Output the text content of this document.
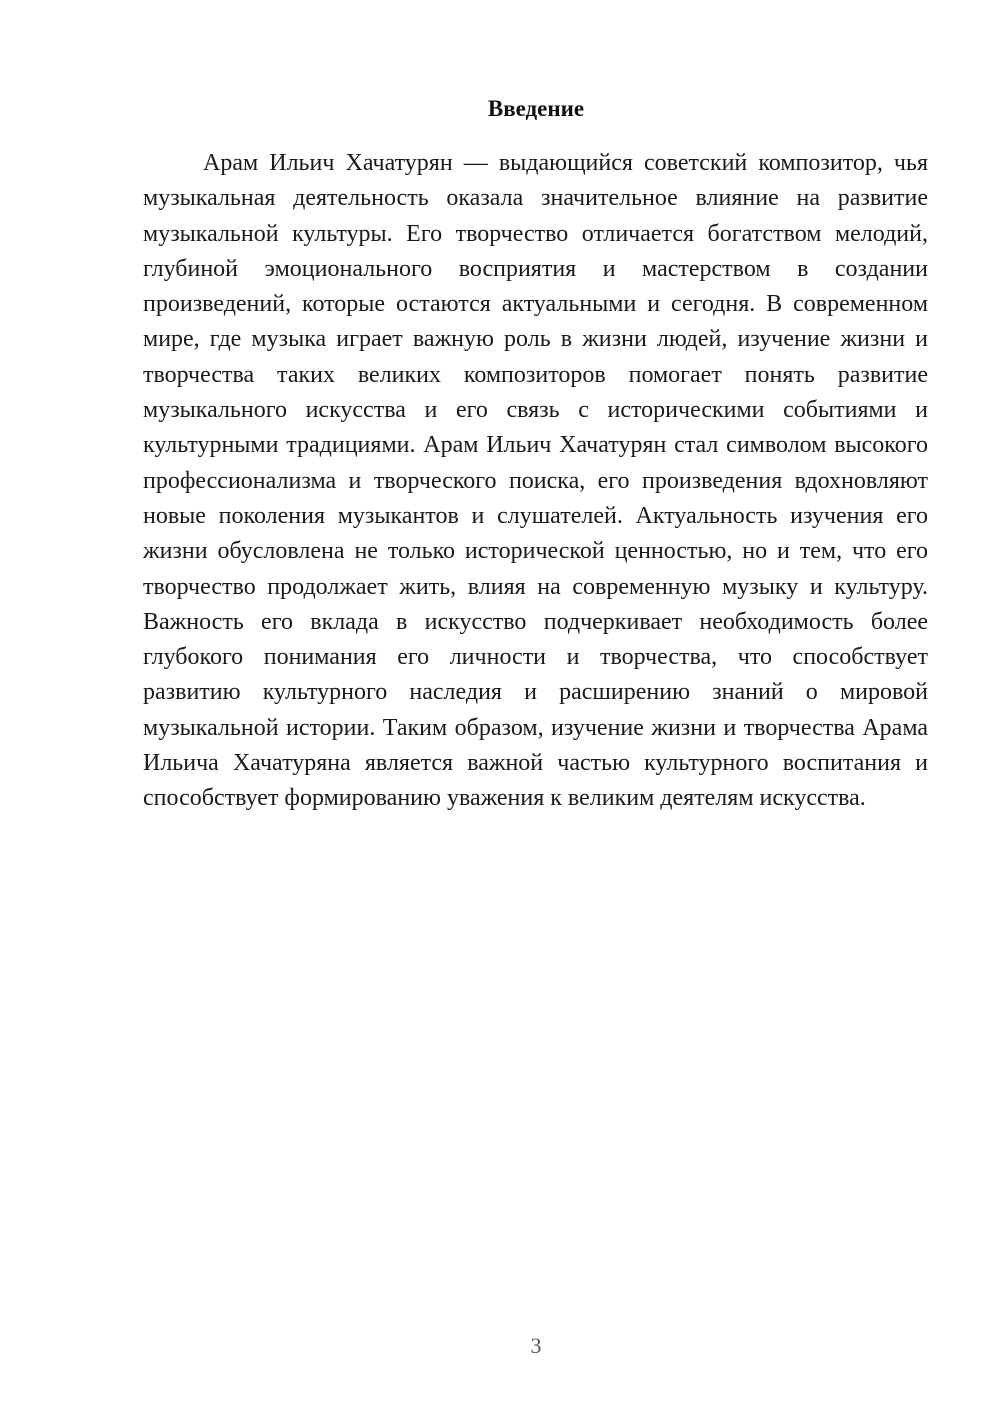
Введение

Арам Ильич Хачатурян — выдающийся советский композитор, чья музыкальная деятельность оказала значительное влияние на развитие музыкальной культуры. Его творчество отличается богатством мелодий, глубиной эмоционального восприятия и мастерством в создании произведений, которые остаются актуальными и сегодня. В современном мире, где музыка играет важную роль в жизни людей, изучение жизни и творчества таких великих композиторов помогает понять развитие музыкального искусства и его связь с историческими событиями и культурными традициями. Арам Ильич Хачатурян стал символом высокого профессионализма и творческого поиска, его произведения вдохновляют новые поколения музыкантов и слушателей. Актуальность изучения его жизни обусловлена не только исторической ценностью, но и тем, что его творчество продолжает жить, влияя на современную музыку и культуру. Важность его вклада в искусство подчеркивает необходимость более глубокого понимания его личности и творчества, что способствует развитию культурного наследия и расширению знаний о мировой музыкальной истории. Таким образом, изучение жизни и творчества Арама Ильича Хачатуряна является важной частью культурного воспитания и способствует формированию уважения к великим деятелям искусства.

3
